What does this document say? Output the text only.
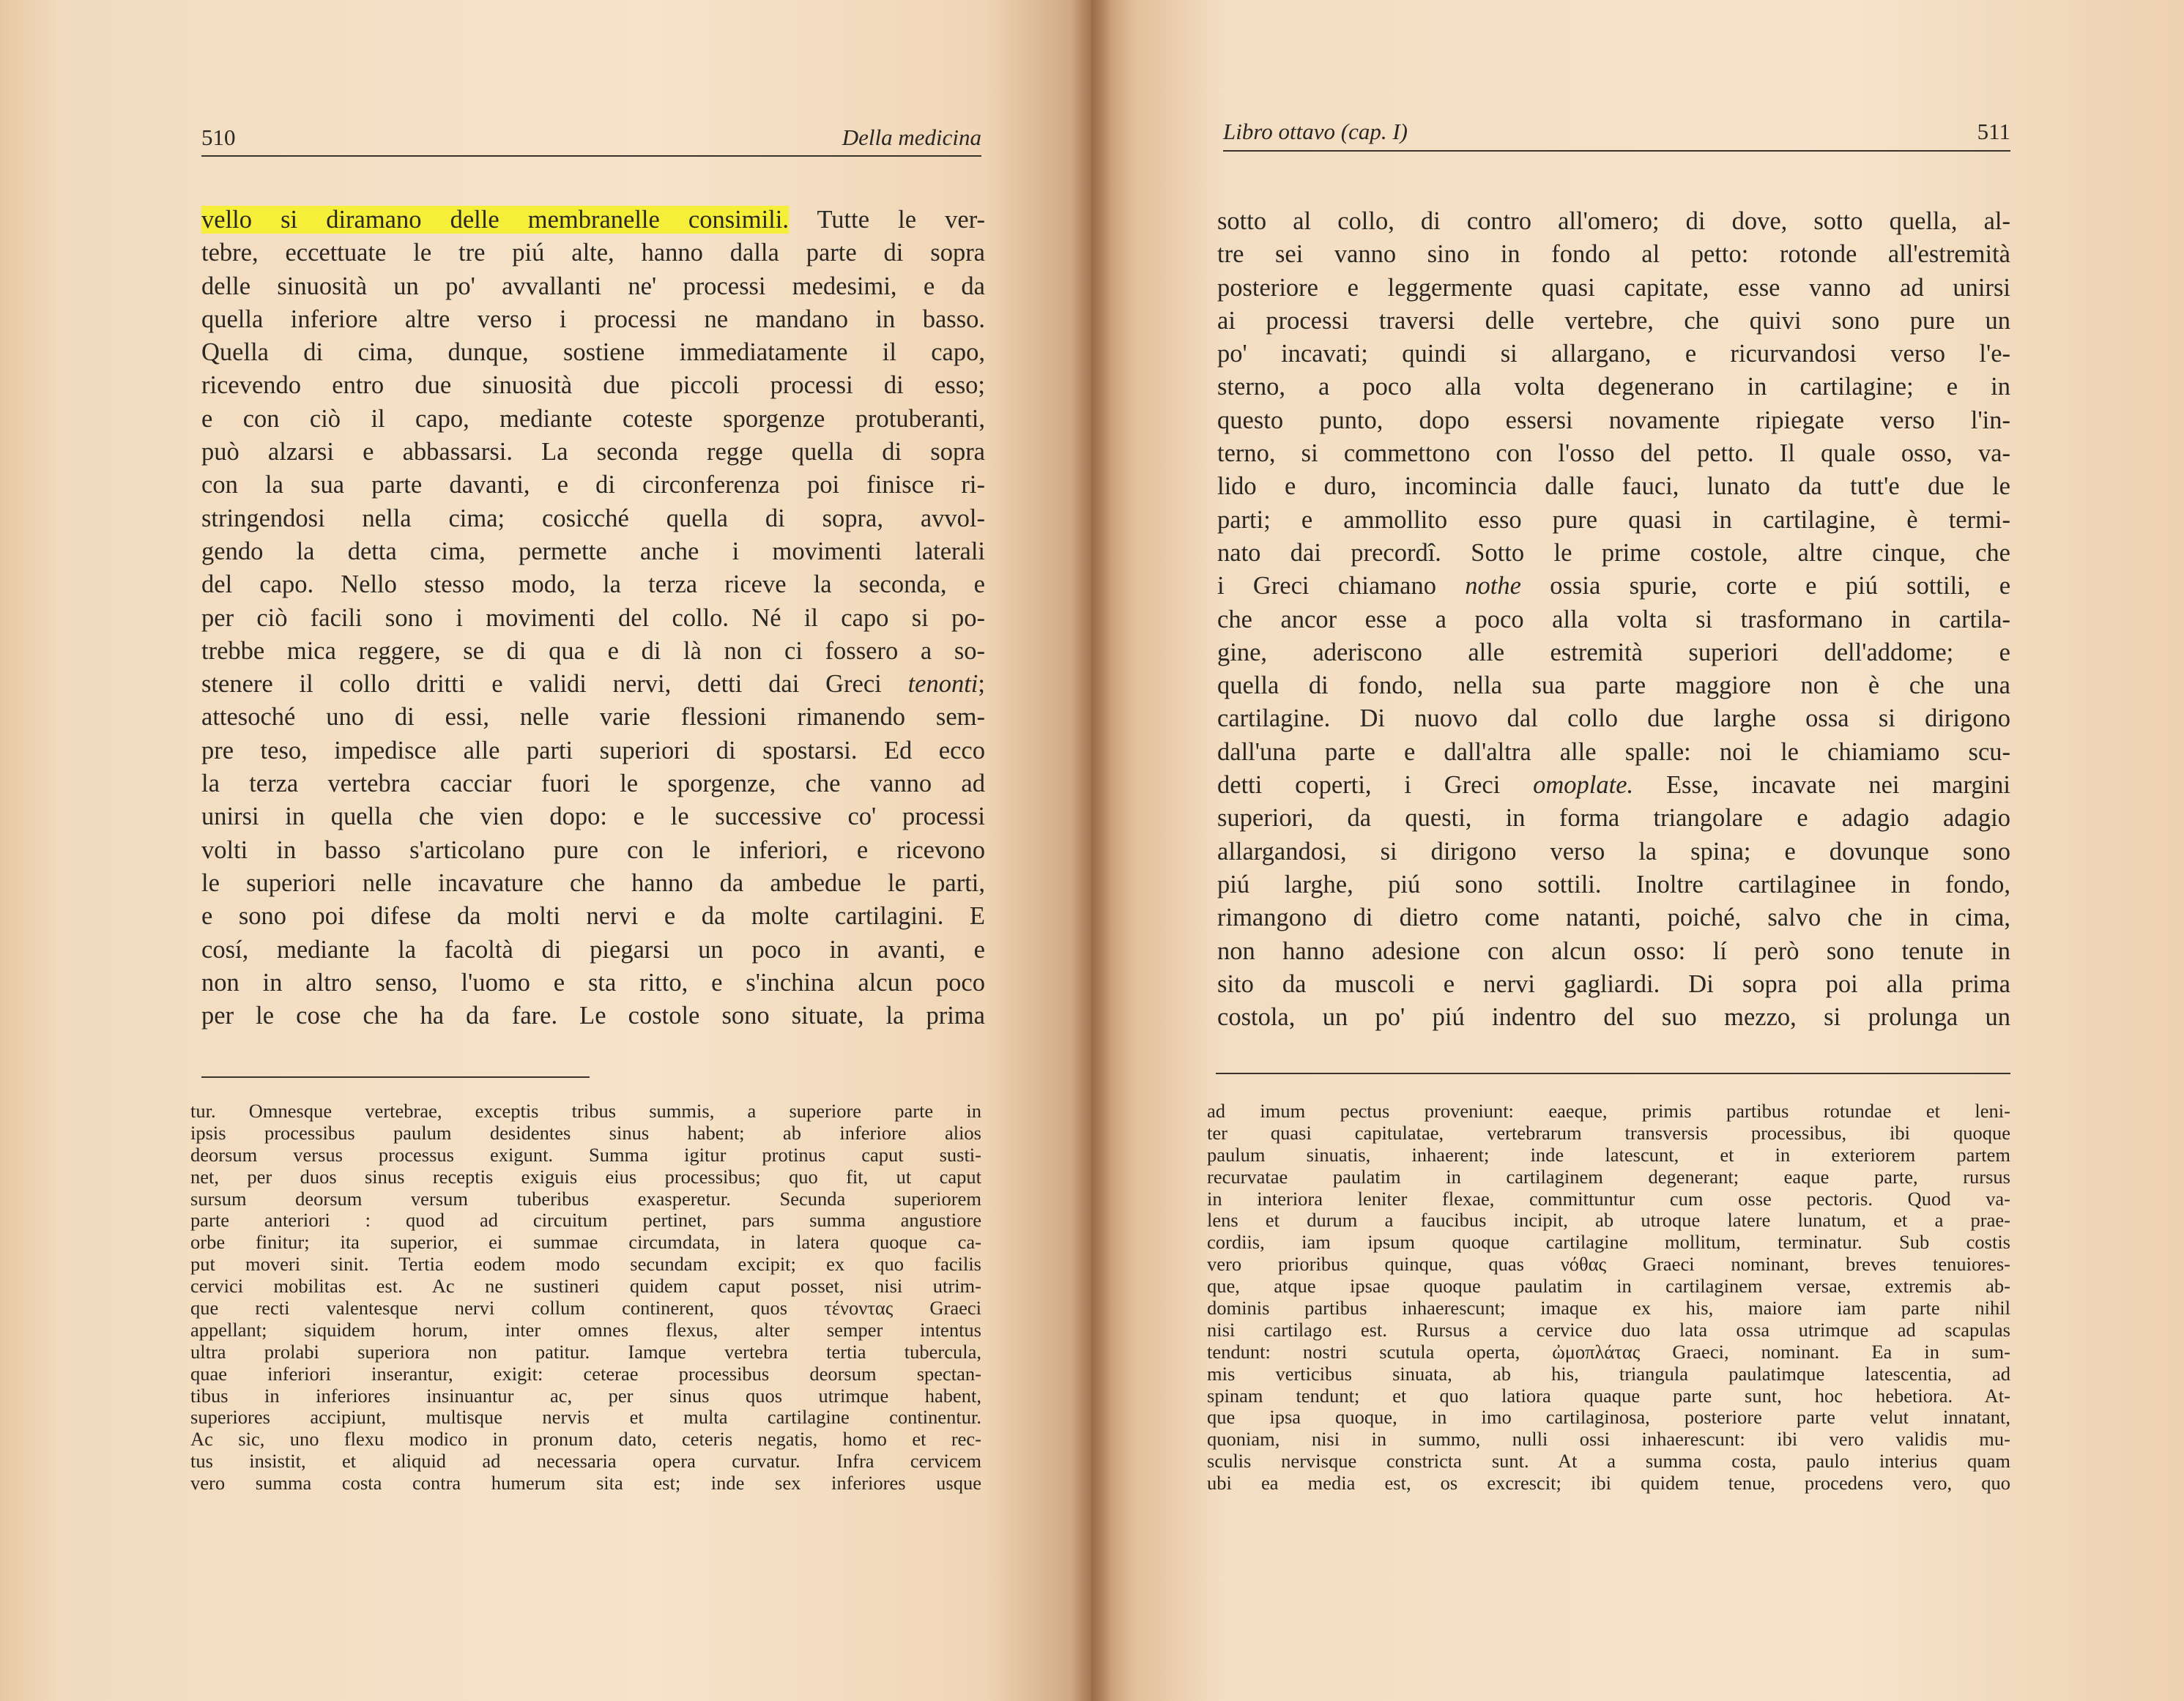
510	Della medicina
vello si diramano delle membranelle consimili. Tutte le ver-
tebre, eccettuate le tre piú alte, hanno dalla parte di sopra
delle sinuosità un po' avvallanti ne' processi medesimi, e da
quella inferiore altre verso i processi ne mandano in basso.
Quella di cima, dunque, sostiene immediatamente il capo,
ricevendo entro due sinuosità due piccoli processi di esso;
e con ciò il capo, mediante coteste sporgenze protuberanti,
può alzarsi e abbassarsi. La seconda regge quella di sopra
con la sua parte davanti, e di circonferenza poi finisce ri-
stringendosi nella cima; cosicché quella di sopra, avvol-
gendo la detta cima, permette anche i movimenti laterali
del capo. Nello stesso modo, la terza riceve la seconda, e
per ciò facili sono i movimenti del collo. Né il capo si po-
trebbe mica reggere, se di qua e di là non ci fossero a so-
stenere il collo dritti e validi nervi, detti dai Greci tenonti;
attesoché uno di essi, nelle varie flessioni rimanendo sem-
pre teso, impedisce alle parti superiori di spostarsi. Ed ecco
la terza vertebra cacciar fuori le sporgenze, che vanno ad
unirsi in quella che vien dopo: e le successive co' processi
volti in basso s'articolano pure con le inferiori, e ricevono
le superiori nelle incavature che hanno da ambedue le parti,
e sono poi difese da molti nervi e da molte cartilagini. E
cosí, mediante la facoltà di piegarsi un poco in avanti, e
non in altro senso, l'uomo e sta ritto, e s'inchina alcun poco
per le cose che ha da fare. Le costole sono situate, la prima
tur. Omnesque vertebrae, exceptis tribus summis, a superiore parte in
ipsis processibus paulum desidentes sinus habent; ab inferiore alios
deorsum versus processus exigunt. Summa igitur protinus caput susti-
net, per duos sinus receptis exiguis eius processibus; quo fit, ut caput
sursum deorsum versum tuberibus exasperetur. Secunda superiorem
parte anteriori : quod ad circuitum pertinet, pars summa angustiore
orbe finitur; ita superior, ei summae circumdata, in latera quoque ca-
put moveri sinit. Tertia eodem modo secundam excipit; ex quo facilis
cervici mobilitas est. Ac ne sustineri quidem caput posset, nisi utrim-
que recti valentesque nervi collum continerent, quos τένοντας Graeci
appellant; siquidem horum, inter omnes flexus, alter semper intentus
ultra prolabi superiora non patitur. Iamque vertebra tertia tubercula,
quae inferiori inserantur, exigit: ceterae processibus deorsum spectan-
tibus in inferiores insinuantur ac, per sinus quos utrimque habent,
superiores accipiunt, multisque nervis et multa cartilagine continentur.
Ac sic, uno flexu modico in pronum dato, ceteris negatis, homo et rec-
tus insistit, et aliquid ad necessaria opera curvatur. Infra cervicem
vero summa costa contra humerum sita est; inde sex inferiores usque
Libro ottavo (cap. I)	511
sotto al collo, di contro all'omero; di dove, sotto quella, al-
tre sei vanno sino in fondo al petto: rotonde all'estremità
posteriore e leggermente quasi capitate, esse vanno ad unirsi
ai processi traversi delle vertebre, che quivi sono pure un
po' incavati; quindi si allargano, e ricurvandosi verso l'e-
sterno, a poco alla volta degenerano in cartilagine; e in
questo punto, dopo essersi novamente ripiegate verso l'in-
terno, si commettono con l'osso del petto. Il quale osso, va-
lido e duro, incomincia dalle fauci, lunato da tutt'e due le
parti; e ammollito esso pure quasi in cartilagine, è termi-
nato dai precordî. Sotto le prime costole, altre cinque, che
i Greci chiamano nothe ossia spurie, corte e piú sottili, e
che ancor esse a poco alla volta si trasformano in cartila-
gine, aderiscono alle estremità superiori dell'addome; e
quella di fondo, nella sua parte maggiore non è che una
cartilagine. Di nuovo dal collo due larghe ossa si dirigono
dall'una parte e dall'altra alle spalle: noi le chiamiamo scu-
detti coperti, i Greci omoplate. Esse, incavate nei margini
superiori, da questi, in forma triangolare e adagio adagio
allargandosi, si dirigono verso la spina; e dovunque sono
piú larghe, piú sono sottili. Inoltre cartilaginee in fondo,
rimangono di dietro come natanti, poiché, salvo che in cima,
non hanno adesione con alcun osso: lí però sono tenute in
sito da muscoli e nervi gagliardi. Di sopra poi alla prima
costola, un po' piú indentro del suo mezzo, si prolunga un
ad imum pectus proveniunt: eaeque, primis partibus rotundae et leni-
ter quasi capitulatae, vertebrarum transversis processibus, ibi quoque
paulum sinuatis, inhaerent; inde latescunt, et in exteriorem partem
recurvatae paulatim in cartilaginem degenerant; eaque parte, rursus
in interiora leniter flexae, committuntur cum osse pectoris. Quod va-
lens et durum a faucibus incipit, ab utroque latere lunatum, et a prae-
cordiis, iam ipsum quoque cartilagine mollitum, terminatur. Sub costis
vero prioribus quinque, quas νόθας Graeci nominant, breves tenuiores-
que, atque ipsae quoque paulatim in cartilaginem versae, extremis ab-
dominis partibus inhaerescunt; imaque ex his, maiore iam parte nihil
nisi cartilago est. Rursus a cervice duo lata ossa utrimque ad scapulas
tendunt: nostri scutula operta, ὠμοπλάτας Graeci, nominant. Ea in sum-
mis verticibus sinuata, ab his, triangula paulatimque latescentia, ad
spinam tendunt; et quo latiora quaque parte sunt, hoc hebetiora. At-
que ipsa quoque, in imo cartilaginosa, posteriore parte velut innatant,
quoniam, nisi in summo, nulli ossi inhaerescunt: ibi vero validis mu-
sculis nervisque constricta sunt. At a summa costa, paulo interius quam
ubi ea media est, os excrescit; ibi quidem tenue, procedens vero, quo
